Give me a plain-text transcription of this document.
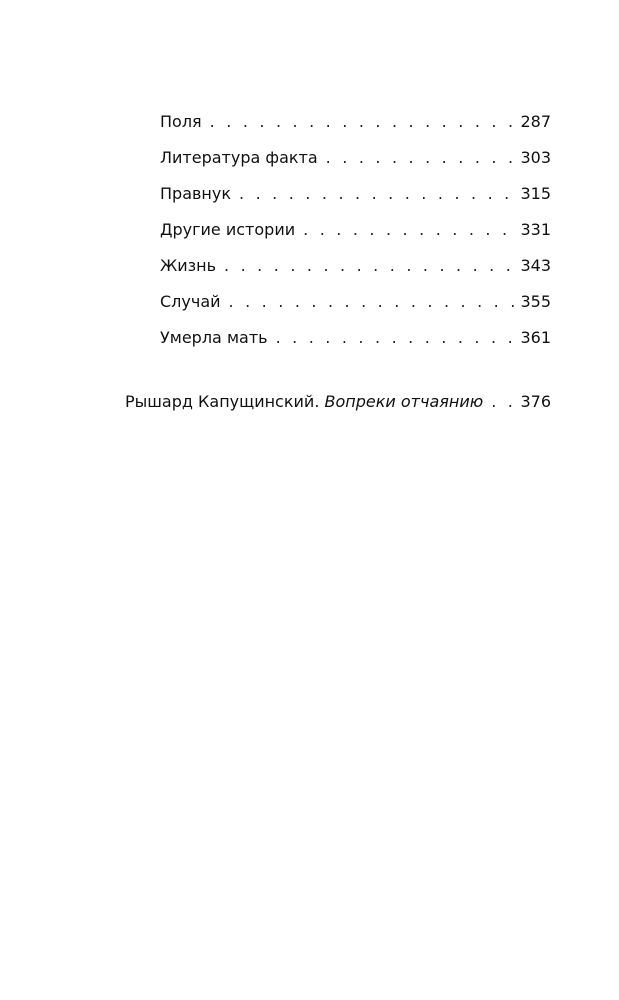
Поля . . .	287
Литература факта . . .	303
Правнук . . .	315
Другие истории . . .	331
Жизнь . . .	343
Случай . . .	355
Умерла мать . . .	361
Рышард Капущинский. Вопреки отчаянию . . .	376
